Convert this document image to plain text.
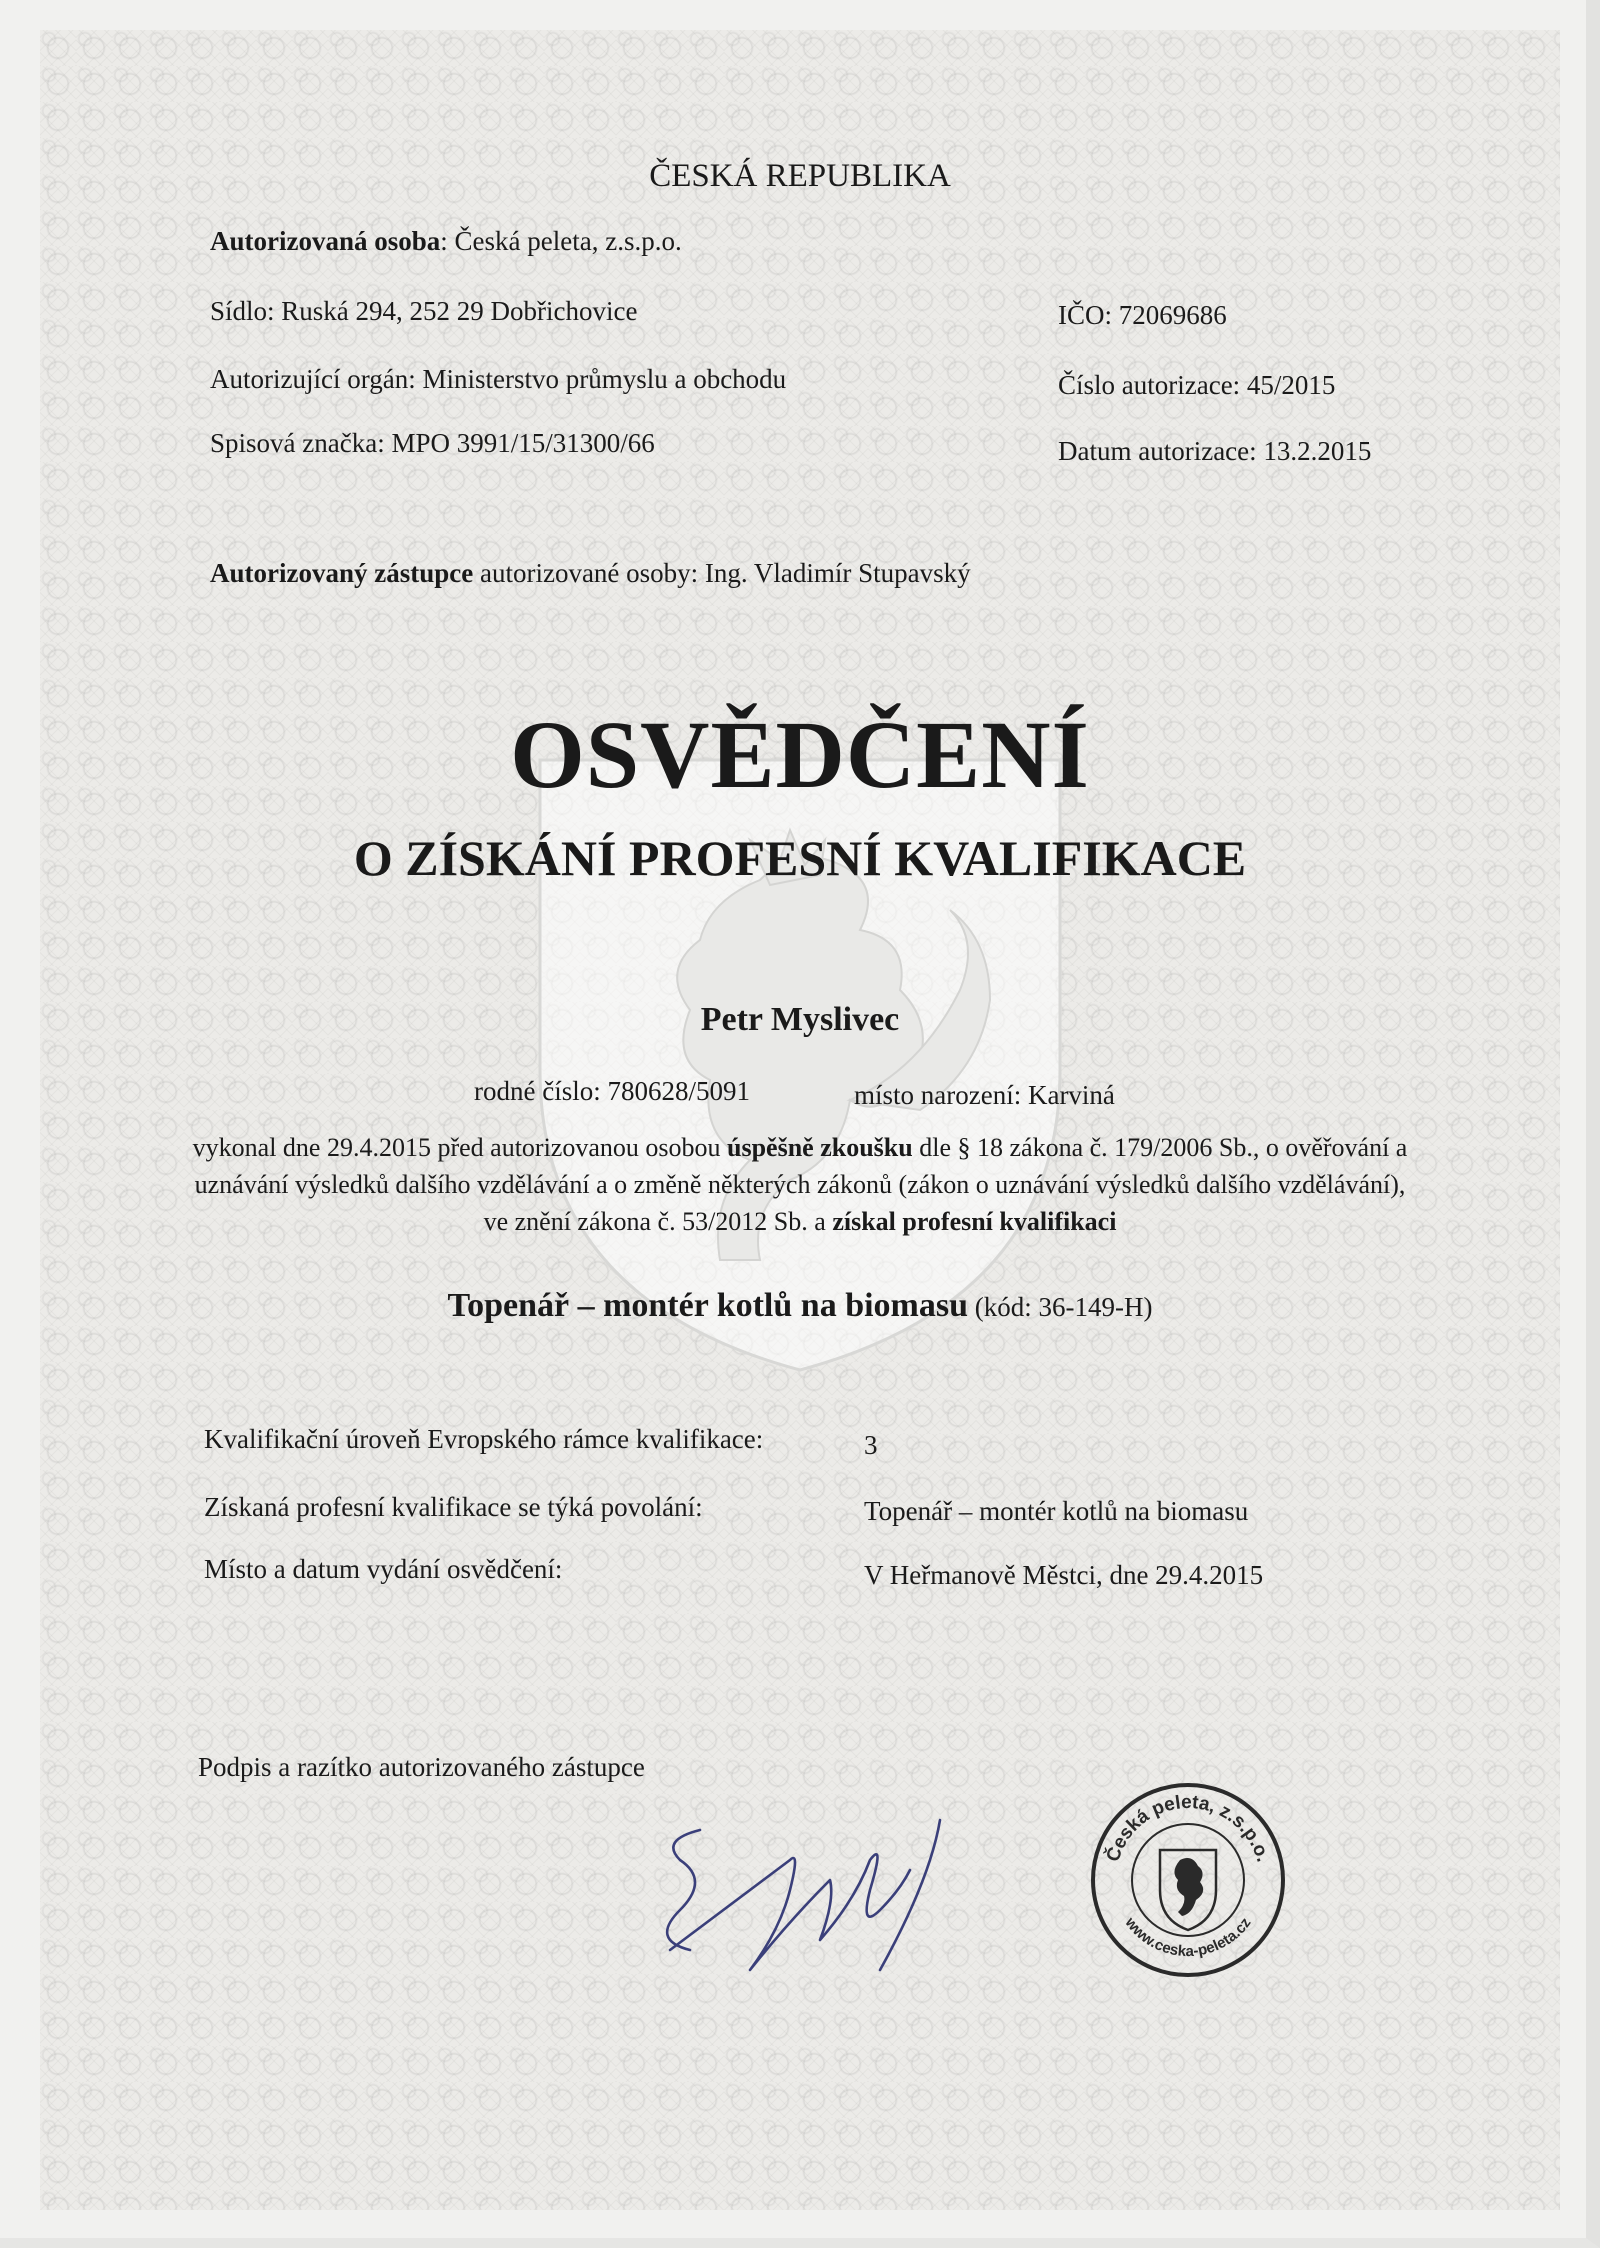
ČESKÁ REPUBLIKA
Autorizovaná osoba: Česká peleta, z.s.p.o.
Sídlo: Ruská 294, 252 29 Dobřichovice	IČO: 72069686
Autorizující orgán: Ministerstvo průmyslu a obchodu	Číslo autorizace: 45/2015
Spisová značka: MPO 3991/15/31300/66	Datum autorizace: 13.2.2015
Autorizovaný zástupce autorizované osoby: Ing. Vladimír Stupavský
OSVĚDČENÍ
O ZÍSKÁNÍ PROFESNÍ KVALIFIKACE
Petr Myslivec
rodné číslo: 780628/5091	místo narození: Karviná
vykonal dne 29.4.2015 před autorizovanou osobou úspěšně zkoušku dle § 18 zákona č. 179/2006 Sb., o ověřování a uznávání výsledků dalšího vzdělávání a o změně některých zákonů (zákon o uznávání výsledků dalšího vzdělávání), ve znění zákona č. 53/2012 Sb. a získal profesní kvalifikaci
Topenář – montér kotlů na biomasu (kód: 36-149-H)
Kvalifikační úroveň Evropského rámce kvalifikace:	3
Získaná profesní kvalifikace se týká povolání:	Topenář – montér kotlů na biomasu
Místo a datum vydání osvědčení:	V Heřmanově Městci, dne 29.4.2015
Podpis a razítko autorizovaného zástupce
Česká peleta, z.s.p.o.
www.ceska-peleta.cz
